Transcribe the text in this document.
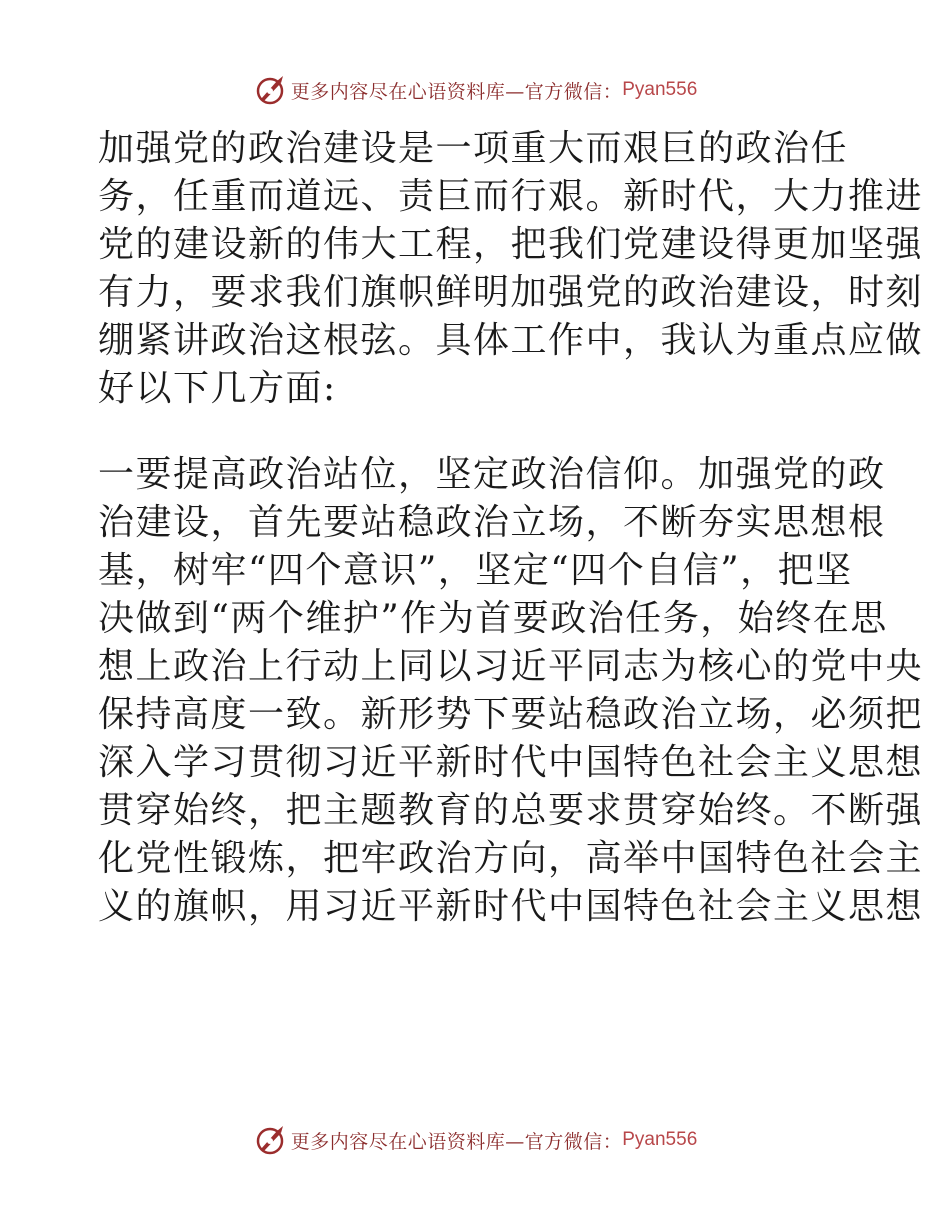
更多内容尽在心语资料库—官方微信： Pyan556

加强党的政治建设是一项重大而艰巨的政治任
务，任重而道远、责巨而行艰。新时代，大力推进
党的建设新的伟大工程，把我们党建设得更加坚强
有力，要求我们旗帜鲜明加强党的政治建设，时刻
绷紧讲政治这根弦。具体工作中，我认为重点应做
好以下几方面:

一要提高政治站位，坚定政治信仰。加强党的政
治建设，首先要站稳政治立场，不断夯实思想根
基，树牢“四个意识”，坚定“四个自信”，把坚
决做到“两个维护”作为首要政治任务，始终在思
想上政治上行动上同以习近平同志为核心的党中央
保持高度一致。新形势下要站稳政治立场，必须把
深入学习贯彻习近平新时代中国特色社会主义思想
贯穿始终，把主题教育的总要求贯穿始终。不断强
化党性锻炼，把牢政治方向，高举中国特色社会主
义的旗帜，用习近平新时代中国特色社会主义思想

更多内容尽在心语资料库—官方微信： Pyan556
